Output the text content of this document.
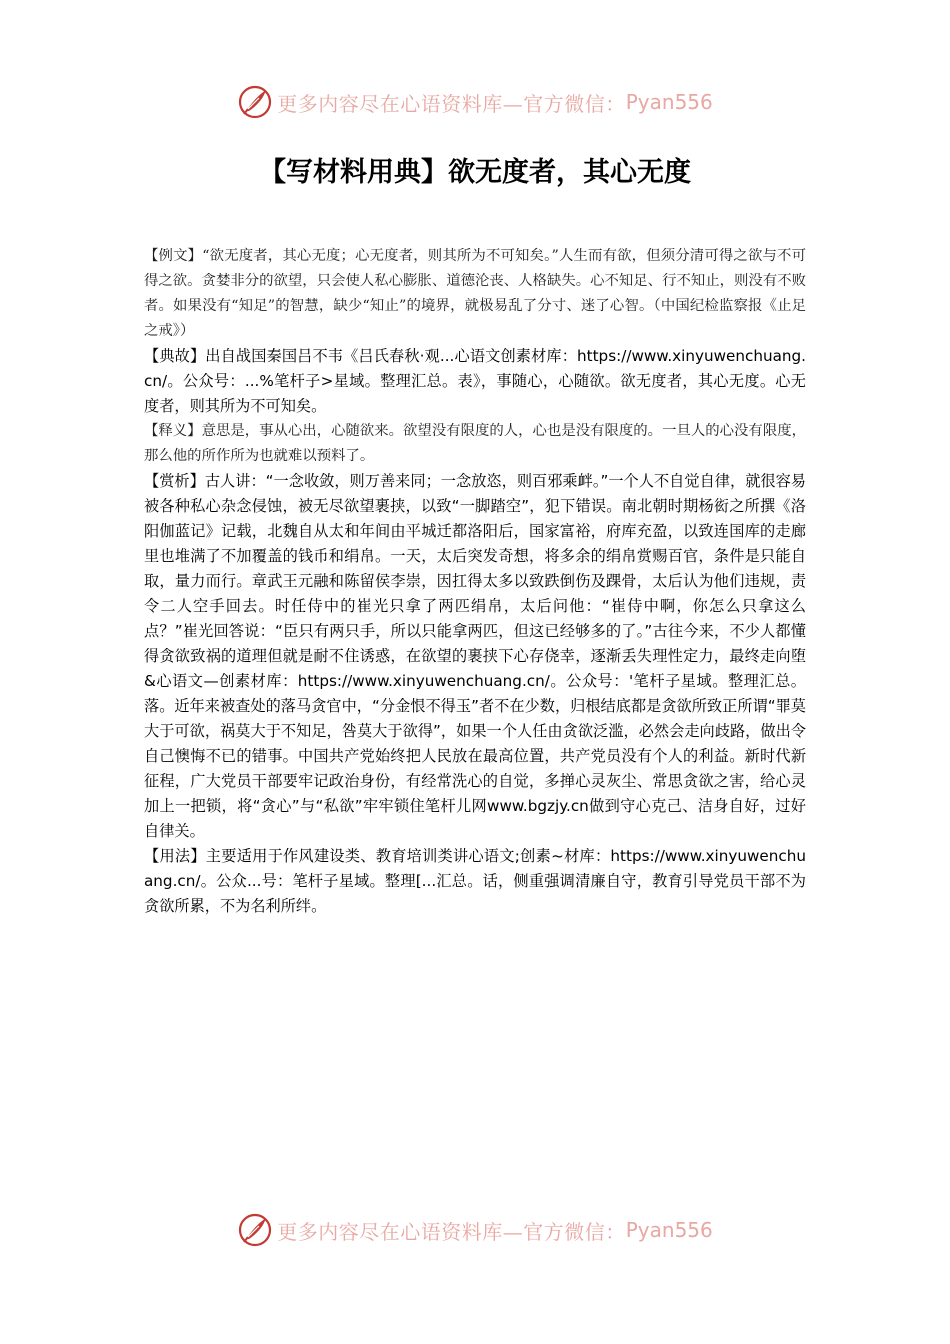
更多内容尽在心语资料库—官方微信： Pyan556
【写材料用典】欲无度者，其心无度

【例文】“欲无度者，其心无度；心无度者，则其所为不可知矣。”人生而有欲，但须分清可得之欲与不可得之欲。贪婪非分的欲望，只会使人私心膨胀、道德沦丧、人格缺失。心不知足、行不知止，则没有不败者。如果没有“知足”的智慧，缺少“知止”的境界，就极易乱了分寸、迷了心智。（中国纪检监察报《止足之戒》）

【典故】出自战国秦国吕不韦《吕氏春秋·观...心语文创素材库：https://www.xinyuwenchuang.cn/。公众号：...%笔杆子>星域。整理汇总。表》，事随心，心随欲。欲无度者，其心无度。心无度者，则其所为不可知矣。

【释义】意思是，事从心出，心随欲来。欲望没有限度的人，心也是没有限度的。一旦人的心没有限度，那么他的所作所为也就难以预料了。

【赏析】古人讲：“一念收敛，则万善来同；一念放恣，则百邪乘衅。”一个人不自觉自律，就很容易被各种私心杂念侵蚀，被无尽欲望裹挟，以致“一脚踏空”，犯下错误。南北朝时期杨衒之所撰《洛阳伽蓝记》记载，北魏自从太和年间由平城迁都洛阳后，国家富裕，府库充盈，以致连国库的走廊里也堆满了不加覆盖的钱币和绢帛。一天，太后突发奇想，将多余的绢帛赏赐百官，条件是只能自取，量力而行。章武王元融和陈留侯李崇，因扛得太多以致跌倒伤及踝骨，太后认为他们违规，责令二人空手回去。时任侍中的崔光只拿了两匹绢帛，太后问他：“崔侍中啊，你怎么只拿这么点？”崔光回答说：“臣只有两只手，所以只能拿两匹，但这已经够多的了。”古往今来，不少人都懂得贪欲致祸的道理但就是耐不住诱惑，在欲望的裹挟下心存侥幸，逐渐丢失理性定力，最终走向堕&心语文—创素材库：https://www.xinyuwenchuang.cn/。公众号：'笔杆子星域。整理汇总。落。近年来被查处的落马贪官中，“分金恨不得玉”者不在少数，归根结底都是贪欲所致正所谓“罪莫大于可欲，祸莫大于不知足，咎莫大于欲得”，如果一个人任由贪欲泛滥，必然会走向歧路，做出令自己懊悔不已的错事。中国共产党始终把人民放在最高位置，共产党员没有个人的利益。新时代新征程，广大党员干部要牢记政治身份，有经常洗心的自觉，多掸心灵灰尘、常思贪欲之害，给心灵加上一把锁，将“贪心”与“私欲”牢牢锁住笔杆儿网www.bgzjy.cn做到守心克己、洁身自好，过好自律关。

【用法】主要适用于作风建设类、教育培训类讲心语文;创素~材库：https://www.xinyuwenchuang.cn/。公众...号：笔杆子星域。整理[...汇总。话，侧重强调清廉自守，教育引导党员干部不为贪欲所累，不为名利所绊。

更多内容尽在心语资料库—官方微信： Pyan556
